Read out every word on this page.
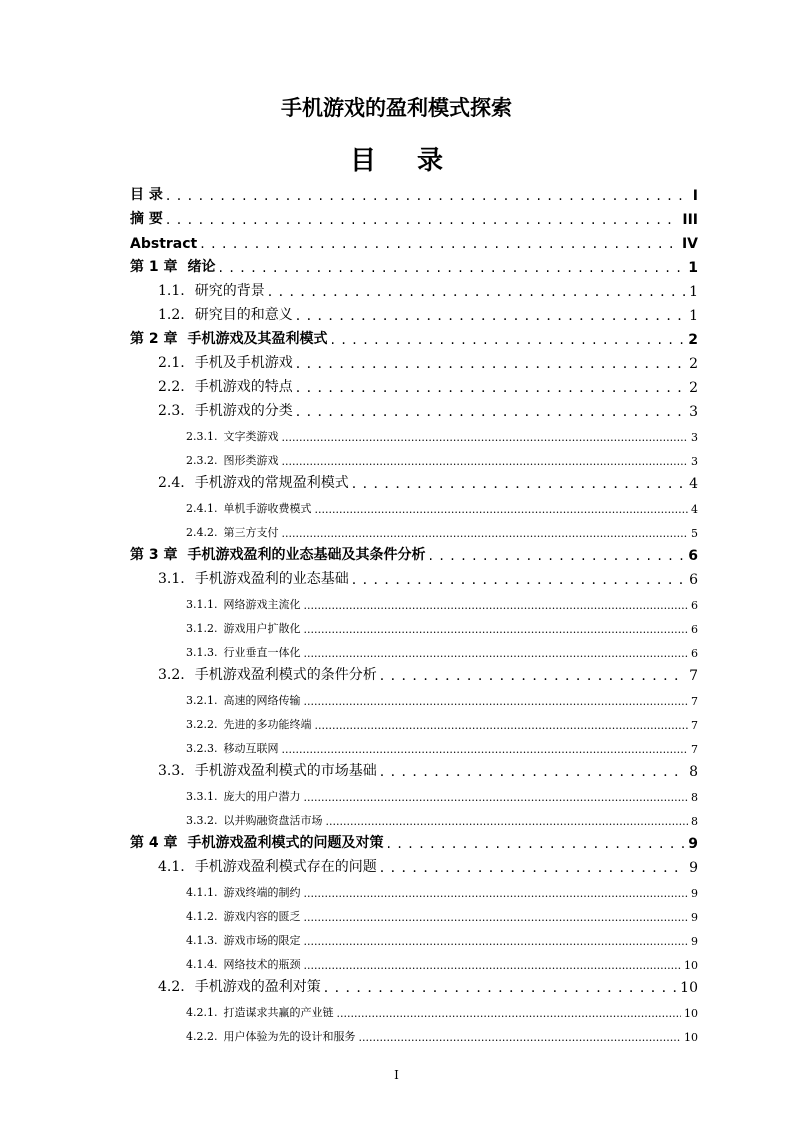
手机游戏的盈利模式探索
目 录
目 录 . . .	I
摘 要 . . .	III
Abstract . . .	IV
第 1 章 绪论 . . .	1
1.1. 研究的背景 . . .	1
1.2. 研究目的和意义 . . .	1
第 2 章 手机游戏及其盈利模式 . . .	2
2.1. 手机及手机游戏 . . .	2
2.2. 手机游戏的特点 . . .	2
2.3. 手机游戏的分类 . . .	3
2.3.1. 文字类游戏 .....	3
2.3.2. 图形类游戏 .....	3
2.4. 手机游戏的常规盈利模式 . . .	4
2.4.1. 单机手游收费模式 .....	4
2.4.2. 第三方支付 .....	5
第 3 章 手机游戏盈利的业态基础及其条件分析 . . .	6
3.1. 手机游戏盈利的业态基础 . . .	6
3.1.1. 网络游戏主流化 .....	6
3.1.2. 游戏用户扩散化 .....	6
3.1.3. 行业垂直一体化 .....	6
3.2. 手机游戏盈利模式的条件分析 . . .	7
3.2.1. 高速的网络传输 .....	7
3.2.2. 先进的多功能终端 .....	7
3.2.3. 移动互联网 .....	7
3.3. 手机游戏盈利模式的市场基础 . . .	8
3.3.1. 庞大的用户潜力 .....	8
3.3.2. 以并购融资盘活市场 .....	8
第 4 章 手机游戏盈利模式的问题及对策 . . .	9
4.1. 手机游戏盈利模式存在的问题 . . .	9
4.1.1. 游戏终端的制约 .....	9
4.1.2. 游戏内容的匮乏 .....	9
4.1.3. 游戏市场的限定 .....	9
4.1.4. 网络技术的瓶颈 .....	10
4.2. 手机游戏的盈利对策 . . .	10
4.2.1. 打造谋求共赢的产业链 .....	10
4.2.2. 用户体验为先的设计和服务 .....	10
I
